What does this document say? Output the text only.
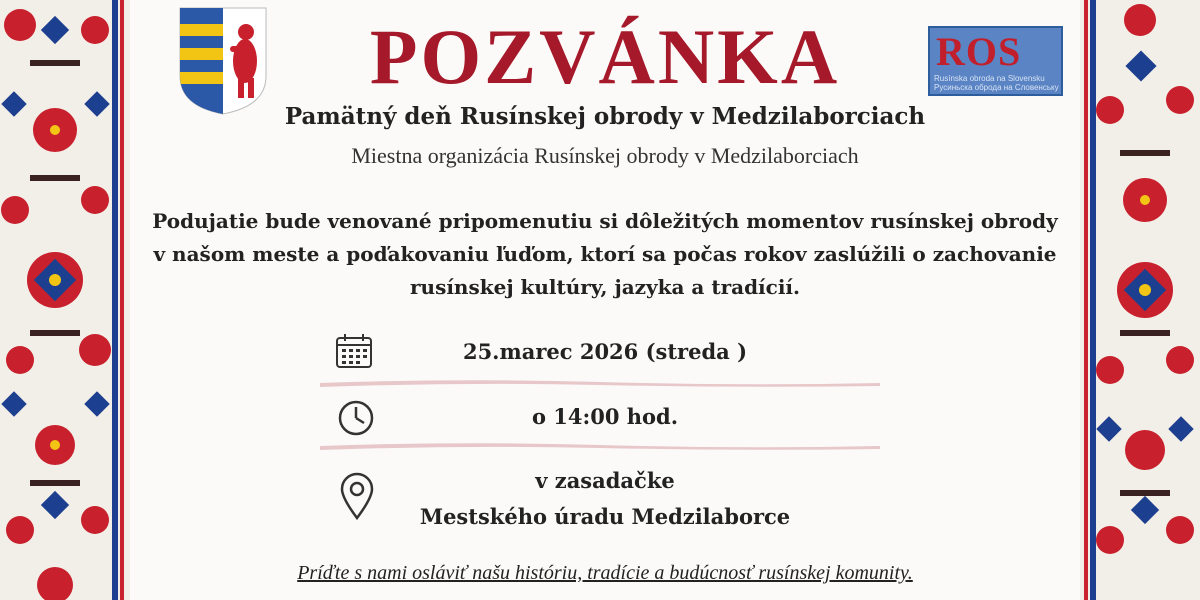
ROS
Rusínska obroda na Slovensku
Русиньска оброда на Словенську
POZVÁNKA
Pamätný deň Rusínskej obrody v Medzilaborciach
Miestna organizácia Rusínskej obrody v Medzilaborciach
Podujatie bude venované pripomenutiu si dôležitých momentov rusínskej obrody v našom meste a poďakovaniu ľuďom, ktorí sa počas rokov zaslúžili o zachovanie rusínskej kultúry, jazyka a tradícií.
25.marec 2026 (streda )
o 14:00 hod.
v zasadačke
Mestského úradu Medzilaborce
Príďte s nami osláviť našu históriu, tradície a budúcnosť rusínskej komunity.
